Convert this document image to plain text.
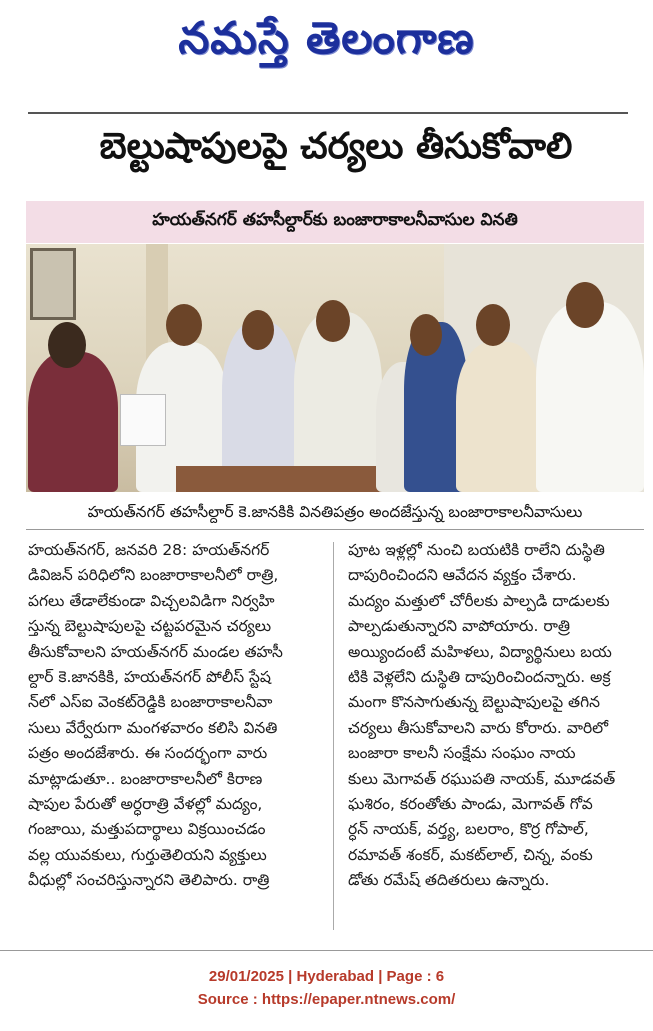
నమస్తే తెలంగాణ
బెల్టుషాపులపై చర్యలు తీసుకోవాలి
హయత్‌నగర్ తహసీల్దార్‌కు బంజారాకాలనీవాసుల వినతి
హయత్‌నగర్ తహసీల్దార్ కె.జానకికి వినతిపత్రం అందజేస్తున్న బంజారాకాలనీవాసులు

హయత్‌నగర్, జనవరి 28: హయత్‌నగర్

డివిజన్ పరిధిలోని బంజారాకాలనీలో రాత్రి,

పగలు తేడాలేకుండా విచ్చలవిడిగా నిర్వహి

స్తున్న బెల్టుషాపులపై చట్టపరమైన చర్యలు

తీసుకోవాలని హయత్‌నగర్ మండల తహసీ

ల్దార్ కె.జానకికి, హయత్‌నగర్ పోలీస్ స్టేష

న్‌లో ఎస్‌ఐ వెంకట్‌రెడ్డికి బంజారాకాలనీవా

సులు వేర్వేరుగా మంగళవారం కలిసి వినతి

పత్రం అందజేశారు. ఈ సందర్భంగా వారు

మాట్లాడుతూ.. బంజారాకాలనీలో కిరాణ

షాపుల పేరుతో అర్ధరాత్రి వేళల్లో మద్యం,

గంజాయి, మత్తుపదార్థాలు విక్రయించడం

వల్ల యువకులు, గుర్తుతెలియని వ్యక్తులు

వీధుల్లో సంచరిస్తున్నారని తెలిపారు. రాత్రి

పూట ఇళ్లల్లో నుంచి బయటికి రాలేని దుస్థితి

దాపురించిందని ఆవేదన వ్యక్తం చేశారు.

మద్యం మత్తులో చోరీలకు పాల్పడి దాడులకు

పాల్పడుతున్నారని వాపోయారు. రాత్రి

అయ్యిందంటే మహిళలు, విద్యార్థినులు బయ

టికి వెళ్లలేని దుస్థితి దాపురించిందన్నారు. అక్ర

మంగా కొనసాగుతున్న బెల్టుషాపులపై తగిన

చర్యలు తీసుకోవాలని వారు కోరారు. వారిలో

బంజారా కాలనీ సంక్షేమ సంఘం నాయ

కులు మెగావత్ రఘుపతి నాయక్, మూడవత్

ఘశిరం, కరంతోతు పాండు, మెగావత్ గోవ

ర్ధన్ నాయక్, వర్త్య, బలరాం, కొర్ర గోపాల్,

రమావత్ శంకర్, మకట్‌లాల్, చిన్న, వంకు

డోతు రమేష్ తదితరులు ఉన్నారు.

29/01/2025 | Hyderabad | Page : 6
Source : https://epaper.ntnews.com/
